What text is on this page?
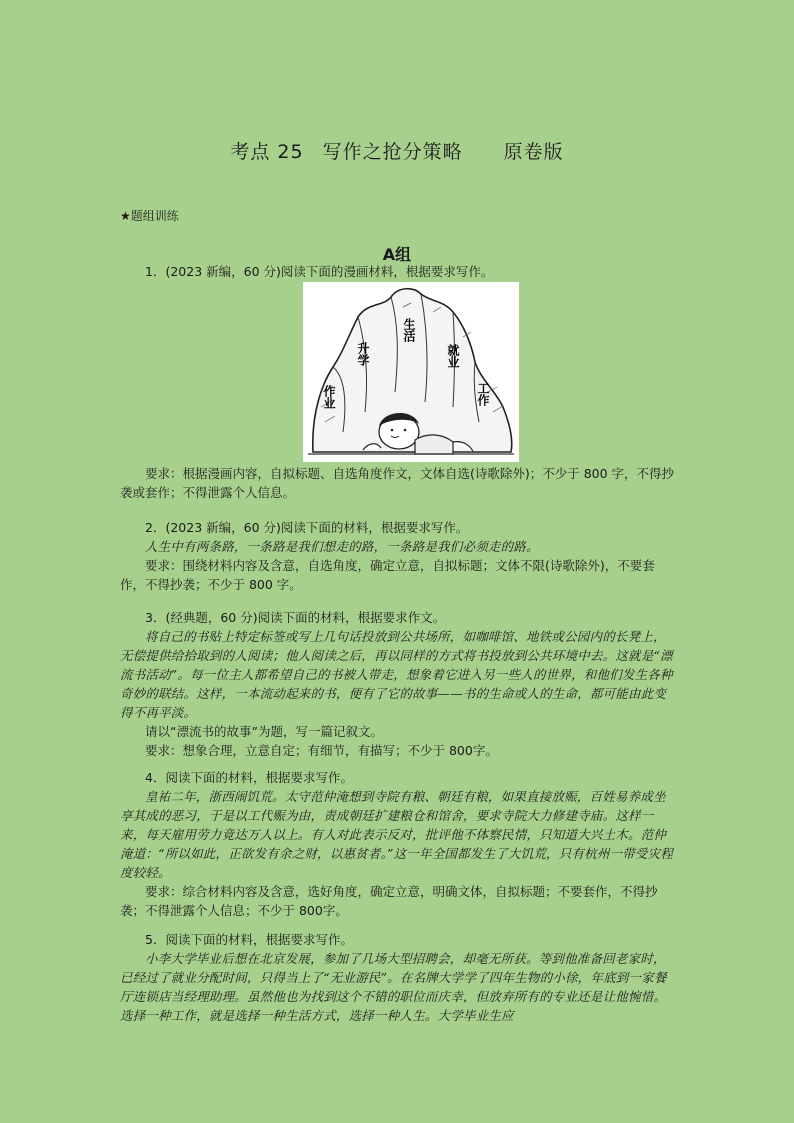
考点 25 写作之抢分策略 原卷版
★题组训练
A组

1．(2023 新编，60 分)阅读下面的漫画材料，根据要求写作。

作业
升学
生活
就业
工作

要求：根据漫画内容，自拟标题、自选角度作文，文体自选(诗歌除外)；不少于 800 字，不得抄袭或套作；不得泄露个人信息。

2．(2023 新编，60 分)阅读下面的材料，根据要求写作。

人生中有两条路，一条路是我们想走的路，一条路是我们必须走的路。

要求：围绕材料内容及含意，自选角度，确定立意，自拟标题；文体不限(诗歌除外)，不要套作，不得抄袭；不少于 800 字。

3．(经典题，60 分)阅读下面的材料，根据要求作文。

将自己的书贴上特定标签或写上几句话投放到公共场所，如咖啡馆、地铁或公园内的长凳上，无偿提供给拾取到的人阅读；他人阅读之后，再以同样的方式将书投放到公共环境中去。这就是“漂流书活动”。每一位主人都希望自己的书被人带走，想象着它进入另一些人的世界，和他们发生各种奇妙的联结。这样，一本流动起来的书，便有了它的故事——书的生命或人的生命，都可能由此变得不再平淡。

请以“漂流书的故事”为题，写一篇记叙文。

要求：想象合理，立意自定；有细节，有描写；不少于 800字。

4．阅读下面的材料，根据要求写作。

皇祐二年，浙西闹饥荒。太守范仲淹想到寺院有粮、朝廷有粮，如果直接放赈，百姓易养成坐享其成的恶习，于是以工代赈为由，责成朝廷扩建粮仓和馆舍，要求寺院大力修建寺庙。这样一来，每天雇用劳力竟达万人以上。有人对此表示反对，批评他不体察民情，只知道大兴土木。范仲淹道：“所以如此，正欲发有余之财，以惠贫者。”这一年全国都发生了大饥荒，只有杭州一带受灾程度较轻。

要求：综合材料内容及含意，选好角度，确定立意，明确文体，自拟标题；不要套作，不得抄袭；不得泄露个人信息；不少于 800字。

5．阅读下面的材料，根据要求写作。

小李大学毕业后想在北京发展，参加了几场大型招聘会，却毫无所获。等到他准备回老家时，已经过了就业分配时间，只得当上了“无业游民”。在名牌大学学了四年生物的小徐，年底到一家餐厅连锁店当经理助理。虽然他也为找到这个不错的职位而庆幸，但放弃所有的专业还是让他惋惜。选择一种工作，就是选择一种生活方式，选择一种人生。大学毕业生应
